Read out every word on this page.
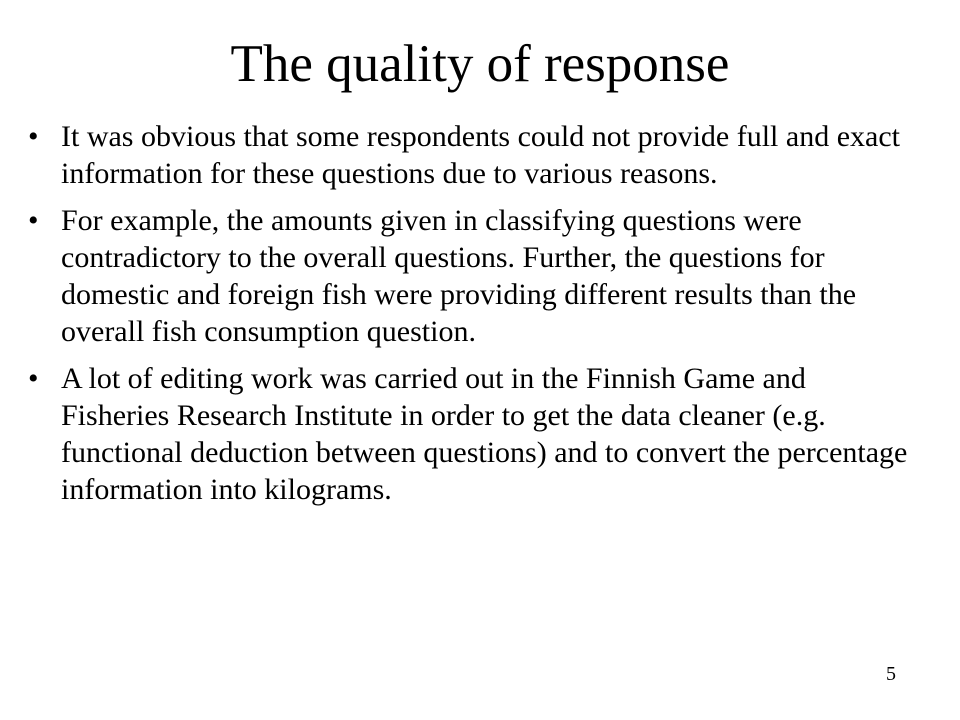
The quality of response
• It was obvious that some respondents could not provide full and exact information for these questions due to various reasons.
• For example, the amounts given in classifying questions were contradictory to the overall questions. Further, the questions for domestic and foreign fish were providing different results than the overall fish consumption question.
• A lot of editing work was carried out in the Finnish Game and Fisheries Research Institute in order to get the data cleaner (e.g. functional deduction between questions) and to convert the percentage information into kilograms.
5
